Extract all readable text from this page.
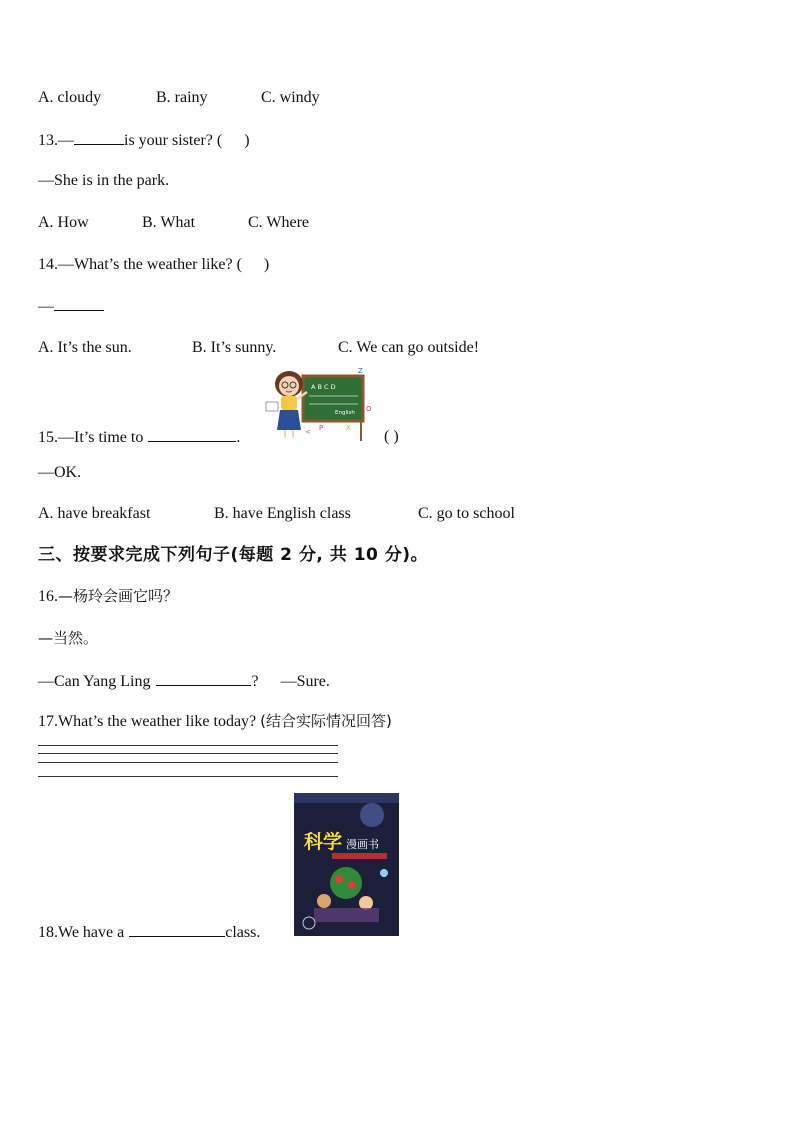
A. cloudy	B. rainy	C. windy
13.—	is your sister? ( )
—She is in the park.
A. How	B. What	C. Where
14.—What’s the weather like? ( )
—
A. It’s the sun.	B. It’s sunny.	C. We can go outside!
A B C D
English
Z
O
P	X
<
15.—It’s time to	.	( )
—OK.
A. have breakfast	B. have English class	C. go to school
三、按要求完成下列句子(每题 2 分, 共 10 分)。
16.—杨玲会画它吗？
—当然。
—Can Yang Ling	? —Sure.
17.What’s the weather like today? (结合实际情况回答)
科学 漫画书
18.We have a	class.
